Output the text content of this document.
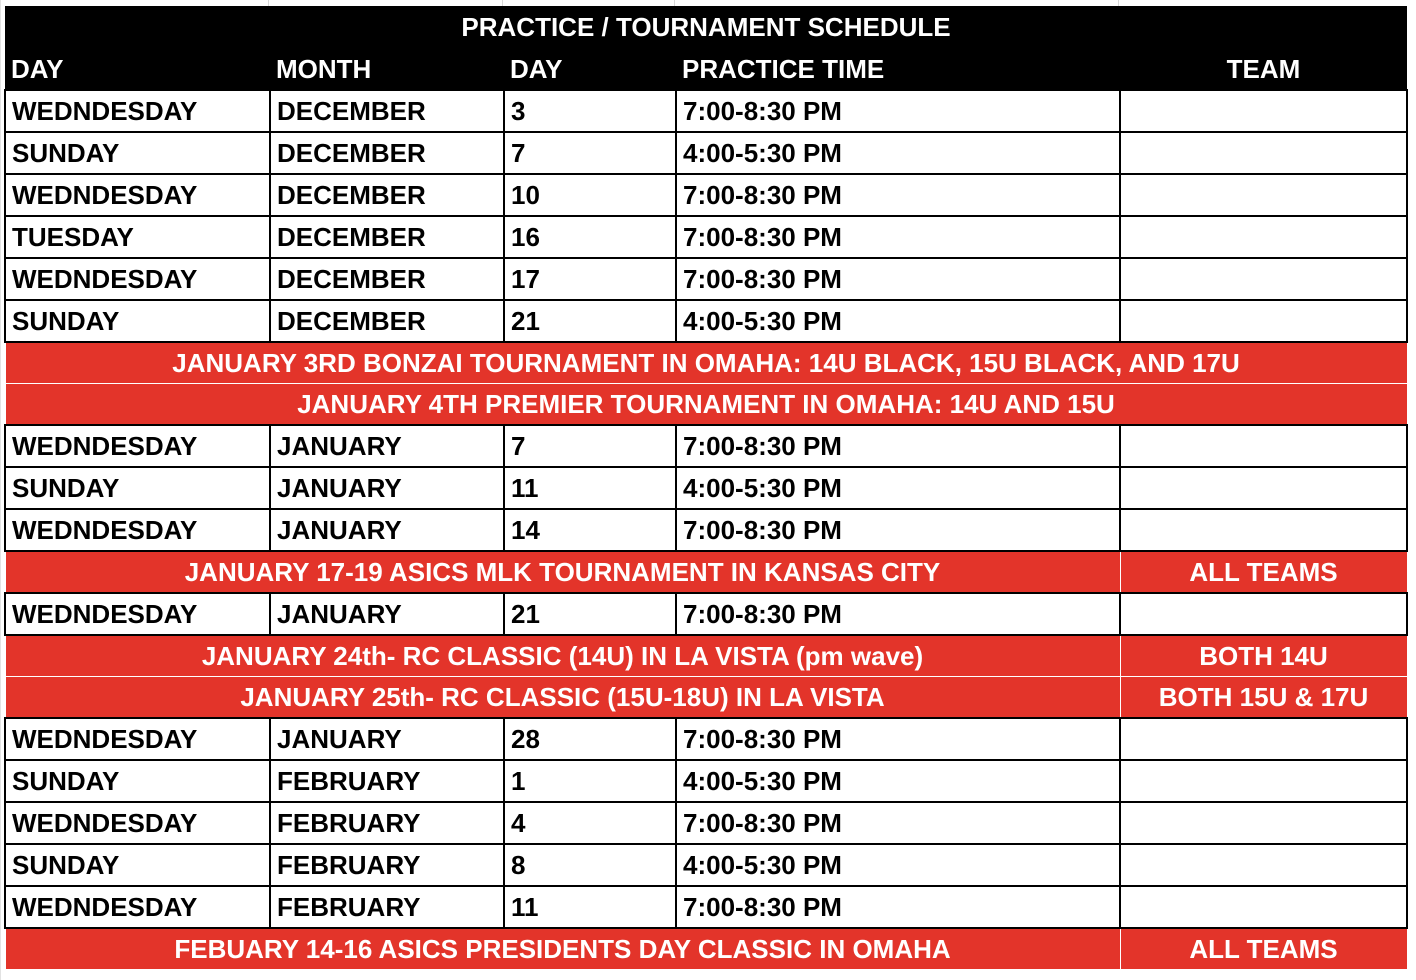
PRACTICE / TOURNAMENT SCHEDULE				
DAY	MONTH	DAY	PRACTICE TIME	TEAM
WEDNDESDAY	DECEMBER	3	7:00-8:30 PM	
SUNDAY	DECEMBER	7	4:00-5:30 PM	
WEDNDESDAY	DECEMBER	10	7:00-8:30 PM	
TUESDAY	DECEMBER	16	7:00-8:30 PM	
WEDNDESDAY	DECEMBER	17	7:00-8:30 PM	
SUNDAY	DECEMBER	21	4:00-5:30 PM	
JANUARY 3RD BONZAI TOURNAMENT IN OMAHA: 14U BLACK, 15U BLACK, AND 17U				
JANUARY 4TH PREMIER TOURNAMENT IN OMAHA: 14U AND 15U				
WEDNDESDAY	JANUARY	7	7:00-8:30 PM	
SUNDAY	JANUARY	11	4:00-5:30 PM	
WEDNDESDAY	JANUARY	14	7:00-8:30 PM	
JANUARY 17-19 ASICS MLK TOURNAMENT IN KANSAS CITY				ALL TEAMS
WEDNDESDAY	JANUARY	21	7:00-8:30 PM	
JANUARY 24th- RC CLASSIC (14U) IN LA VISTA (pm wave)				BOTH 14U
JANUARY 25th- RC CLASSIC (15U-18U) IN LA VISTA				BOTH 15U & 17U
WEDNDESDAY	JANUARY	28	7:00-8:30 PM	
SUNDAY	FEBRUARY	1	4:00-5:30 PM	
WEDNDESDAY	FEBRUARY	4	7:00-8:30 PM	
SUNDAY	FEBRUARY	8	4:00-5:30 PM	
WEDNDESDAY	FEBRUARY	11	7:00-8:30 PM	
FEBUARY 14-16 ASICS PRESIDENTS DAY CLASSIC IN OMAHA				ALL TEAMS
